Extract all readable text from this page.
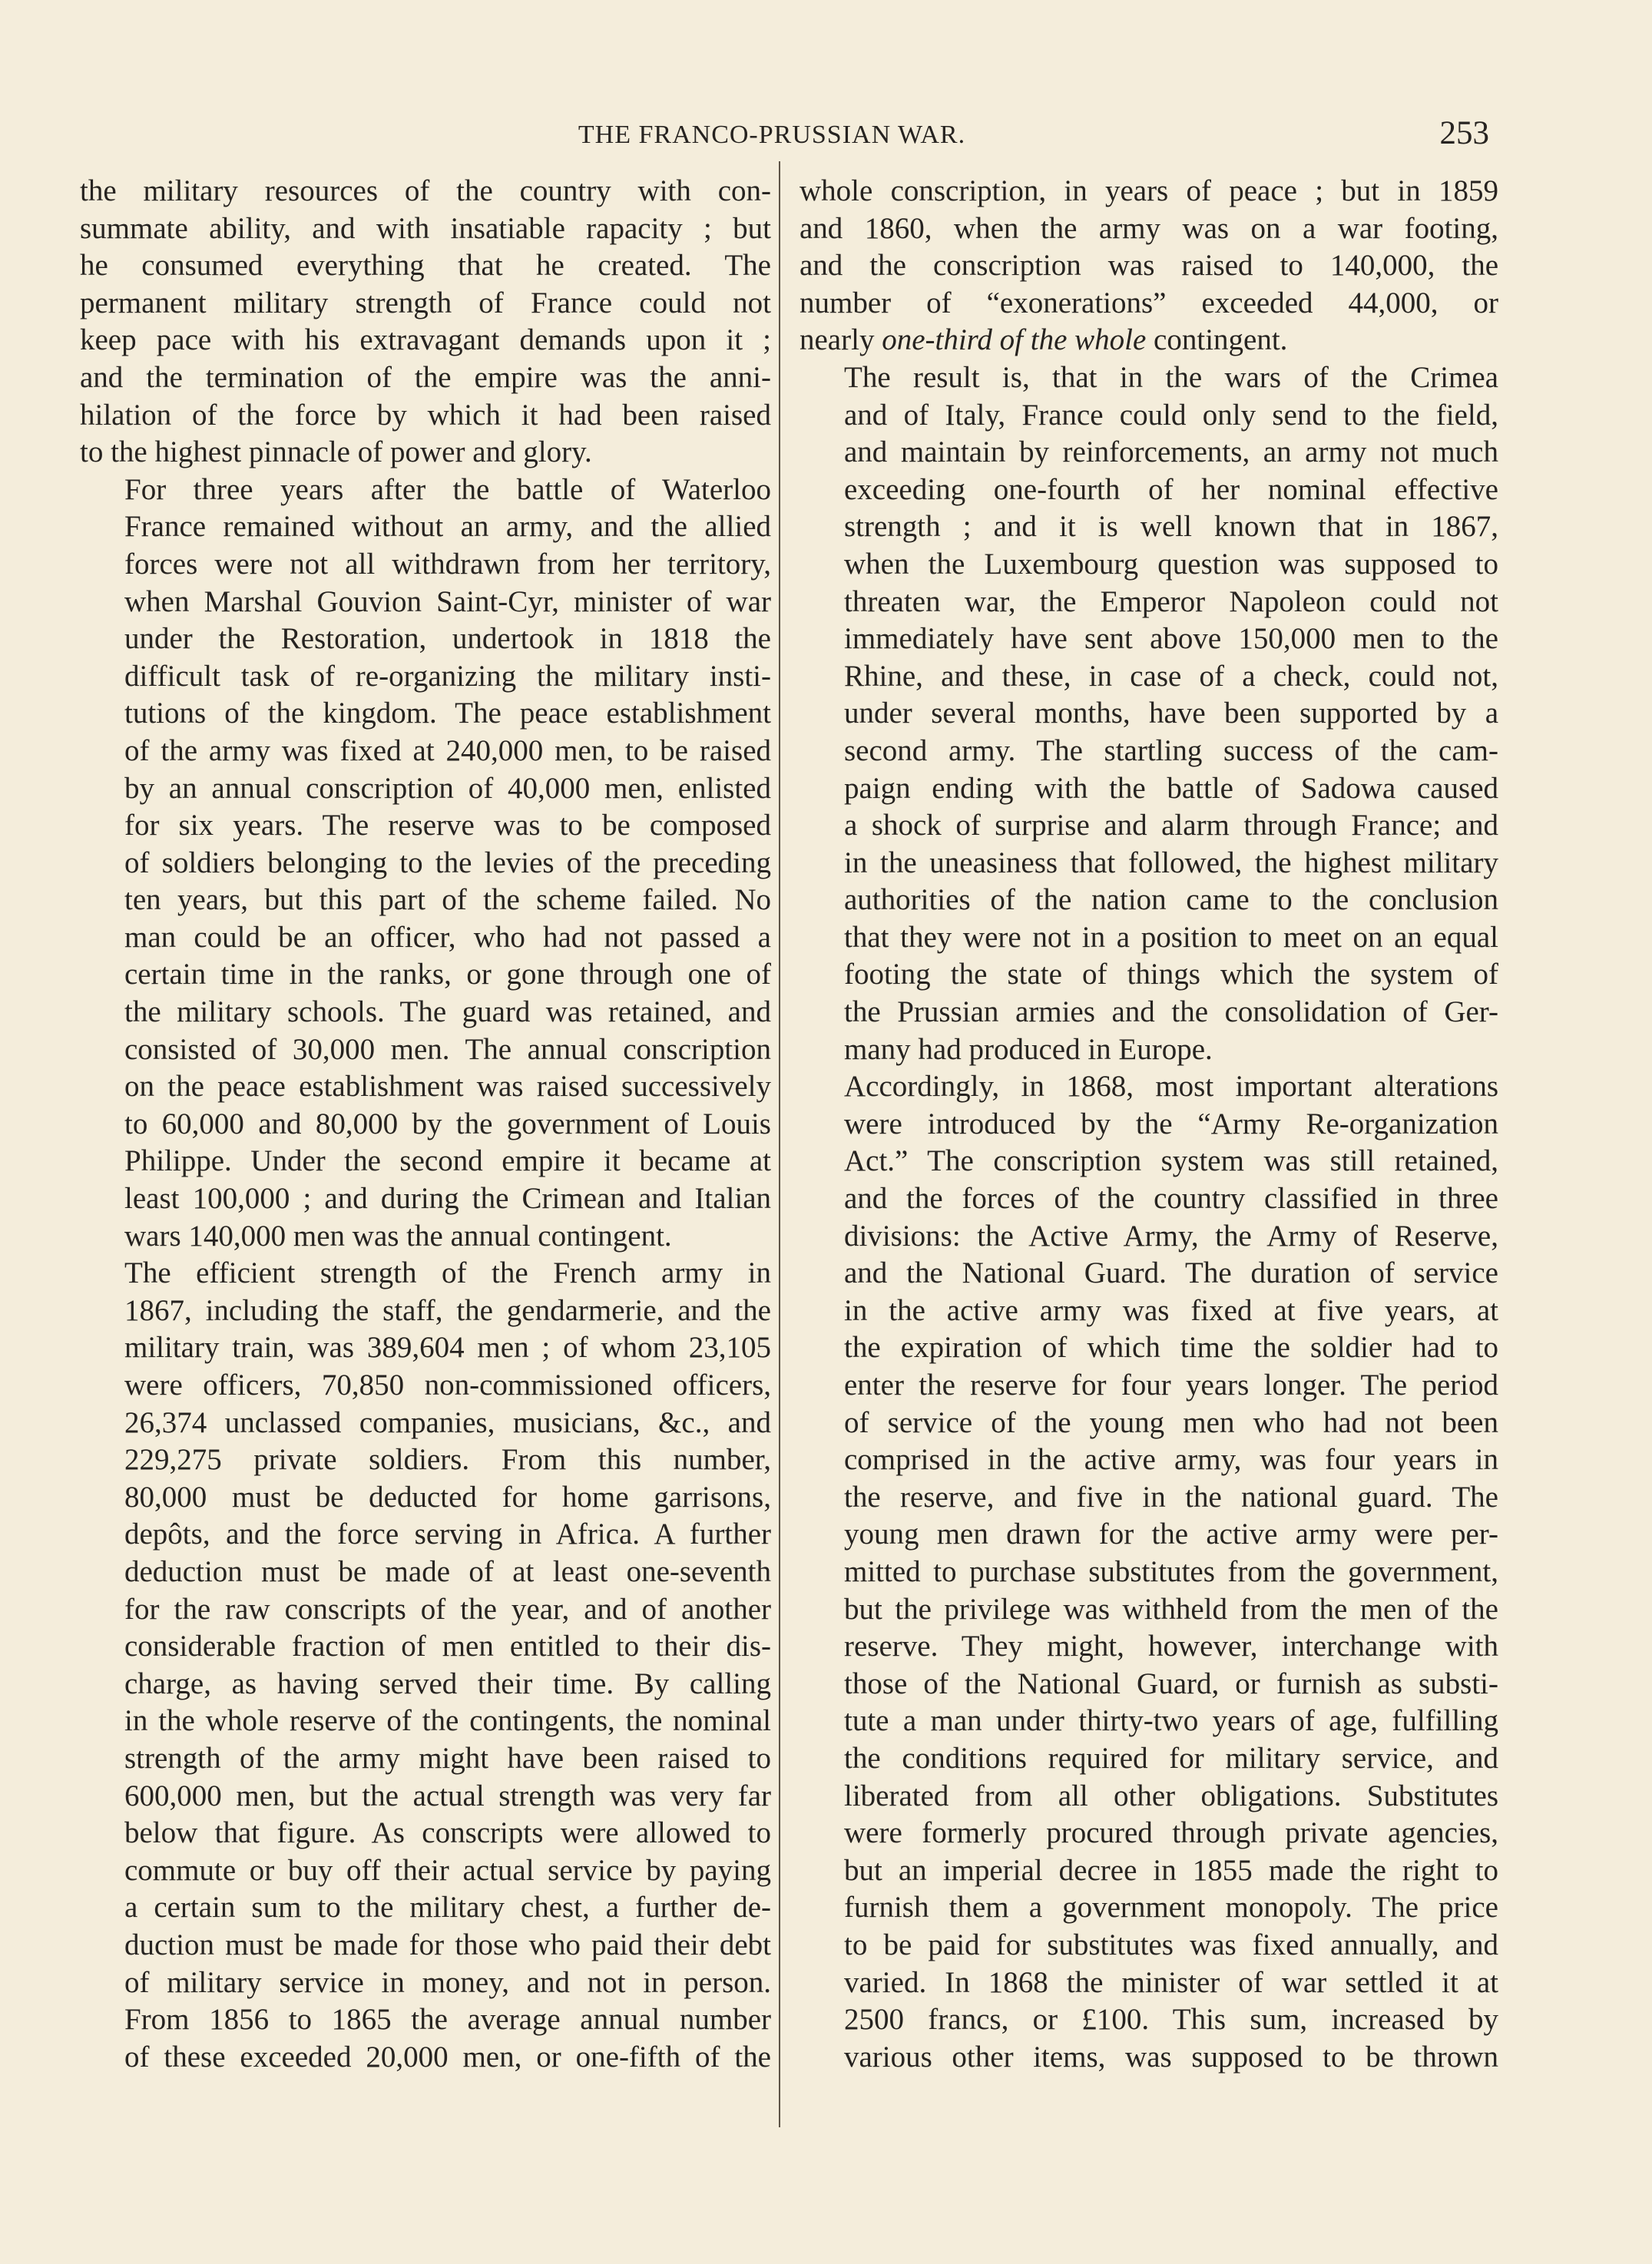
THE FRANCO-PRUSSIAN WAR.	253

the military resources of the country with con-
summate ability, and with insatiable rapacity ; but
he consumed everything that he created. The
permanent military strength of France could not
keep pace with his extravagant demands upon it ;
and the termination of the empire was the anni-
hilation of the force by which it had been raised
to the highest pinnacle of power and glory.

For three years after the battle of Waterloo
France remained without an army, and the allied
forces were not all withdrawn from her territory,
when Marshal Gouvion Saint-Cyr, minister of war
under the Restoration, undertook in 1818 the
difficult task of re-organizing the military insti-
tutions of the kingdom. The peace establishment
of the army was fixed at 240,000 men, to be raised
by an annual conscription of 40,000 men, enlisted
for six years. The reserve was to be composed
of soldiers belonging to the levies of the preceding
ten years, but this part of the scheme failed. No
man could be an officer, who had not passed a
certain time in the ranks, or gone through one of
the military schools. The guard was retained, and
consisted of 30,000 men. The annual conscription
on the peace establishment was raised successively
to 60,000 and 80,000 by the government of Louis
Philippe. Under the second empire it became at
least 100,000 ; and during the Crimean and Italian
wars 140,000 men was the annual contingent.

The efficient strength of the French army in
1867, including the staff, the gendarmerie, and the
military train, was 389,604 men ; of whom 23,105
were officers, 70,850 non-commissioned officers,
26,374 unclassed companies, musicians, &c., and
229,275 private soldiers. From this number,
80,000 must be deducted for home garrisons,
depôts, and the force serving in Africa. A further
deduction must be made of at least one-seventh
for the raw conscripts of the year, and of another
considerable fraction of men entitled to their dis-
charge, as having served their time. By calling
in the whole reserve of the contingents, the nominal
strength of the army might have been raised to
600,000 men, but the actual strength was very far
below that figure. As conscripts were allowed to
commute or buy off their actual service by paying
a certain sum to the military chest, a further de-
duction must be made for those who paid their debt
of military service in money, and not in person.
From 1856 to 1865 the average annual number
of these exceeded 20,000 men, or one-fifth of the

whole conscription, in years of peace ; but in 1859
and 1860, when the army was on a war footing,
and the conscription was raised to 140,000, the
number of “exonerations” exceeded 44,000, or
nearly one-third of the whole contingent.

The result is, that in the wars of the Crimea
and of Italy, France could only send to the field,
and maintain by reinforcements, an army not much
exceeding one-fourth of her nominal effective
strength ; and it is well known that in 1867,
when the Luxembourg question was supposed to
threaten war, the Emperor Napoleon could not
immediately have sent above 150,000 men to the
Rhine, and these, in case of a check, could not,
under several months, have been supported by a
second army. The startling success of the cam-
paign ending with the battle of Sadowa caused
a shock of surprise and alarm through France; and
in the uneasiness that followed, the highest military
authorities of the nation came to the conclusion
that they were not in a position to meet on an equal
footing the state of things which the system of
the Prussian armies and the consolidation of Ger-
many had produced in Europe.

Accordingly, in 1868, most important alterations
were introduced by the “Army Re-organization
Act.” The conscription system was still retained,
and the forces of the country classified in three
divisions: the Active Army, the Army of Reserve,
and the National Guard. The duration of service
in the active army was fixed at five years, at
the expiration of which time the soldier had to
enter the reserve for four years longer. The period
of service of the young men who had not been
comprised in the active army, was four years in
the reserve, and five in the national guard. The
young men drawn for the active army were per-
mitted to purchase substitutes from the government,
but the privilege was withheld from the men of the
reserve. They might, however, interchange with
those of the National Guard, or furnish as substi-
tute a man under thirty-two years of age, fulfilling
the conditions required for military service, and
liberated from all other obligations. Substitutes
were formerly procured through private agencies,
but an imperial decree in 1855 made the right to
furnish them a government monopoly. The price
to be paid for substitutes was fixed annually, and
varied. In 1868 the minister of war settled it at
2500 francs, or £100. This sum, increased by
various other items, was supposed to be thrown
